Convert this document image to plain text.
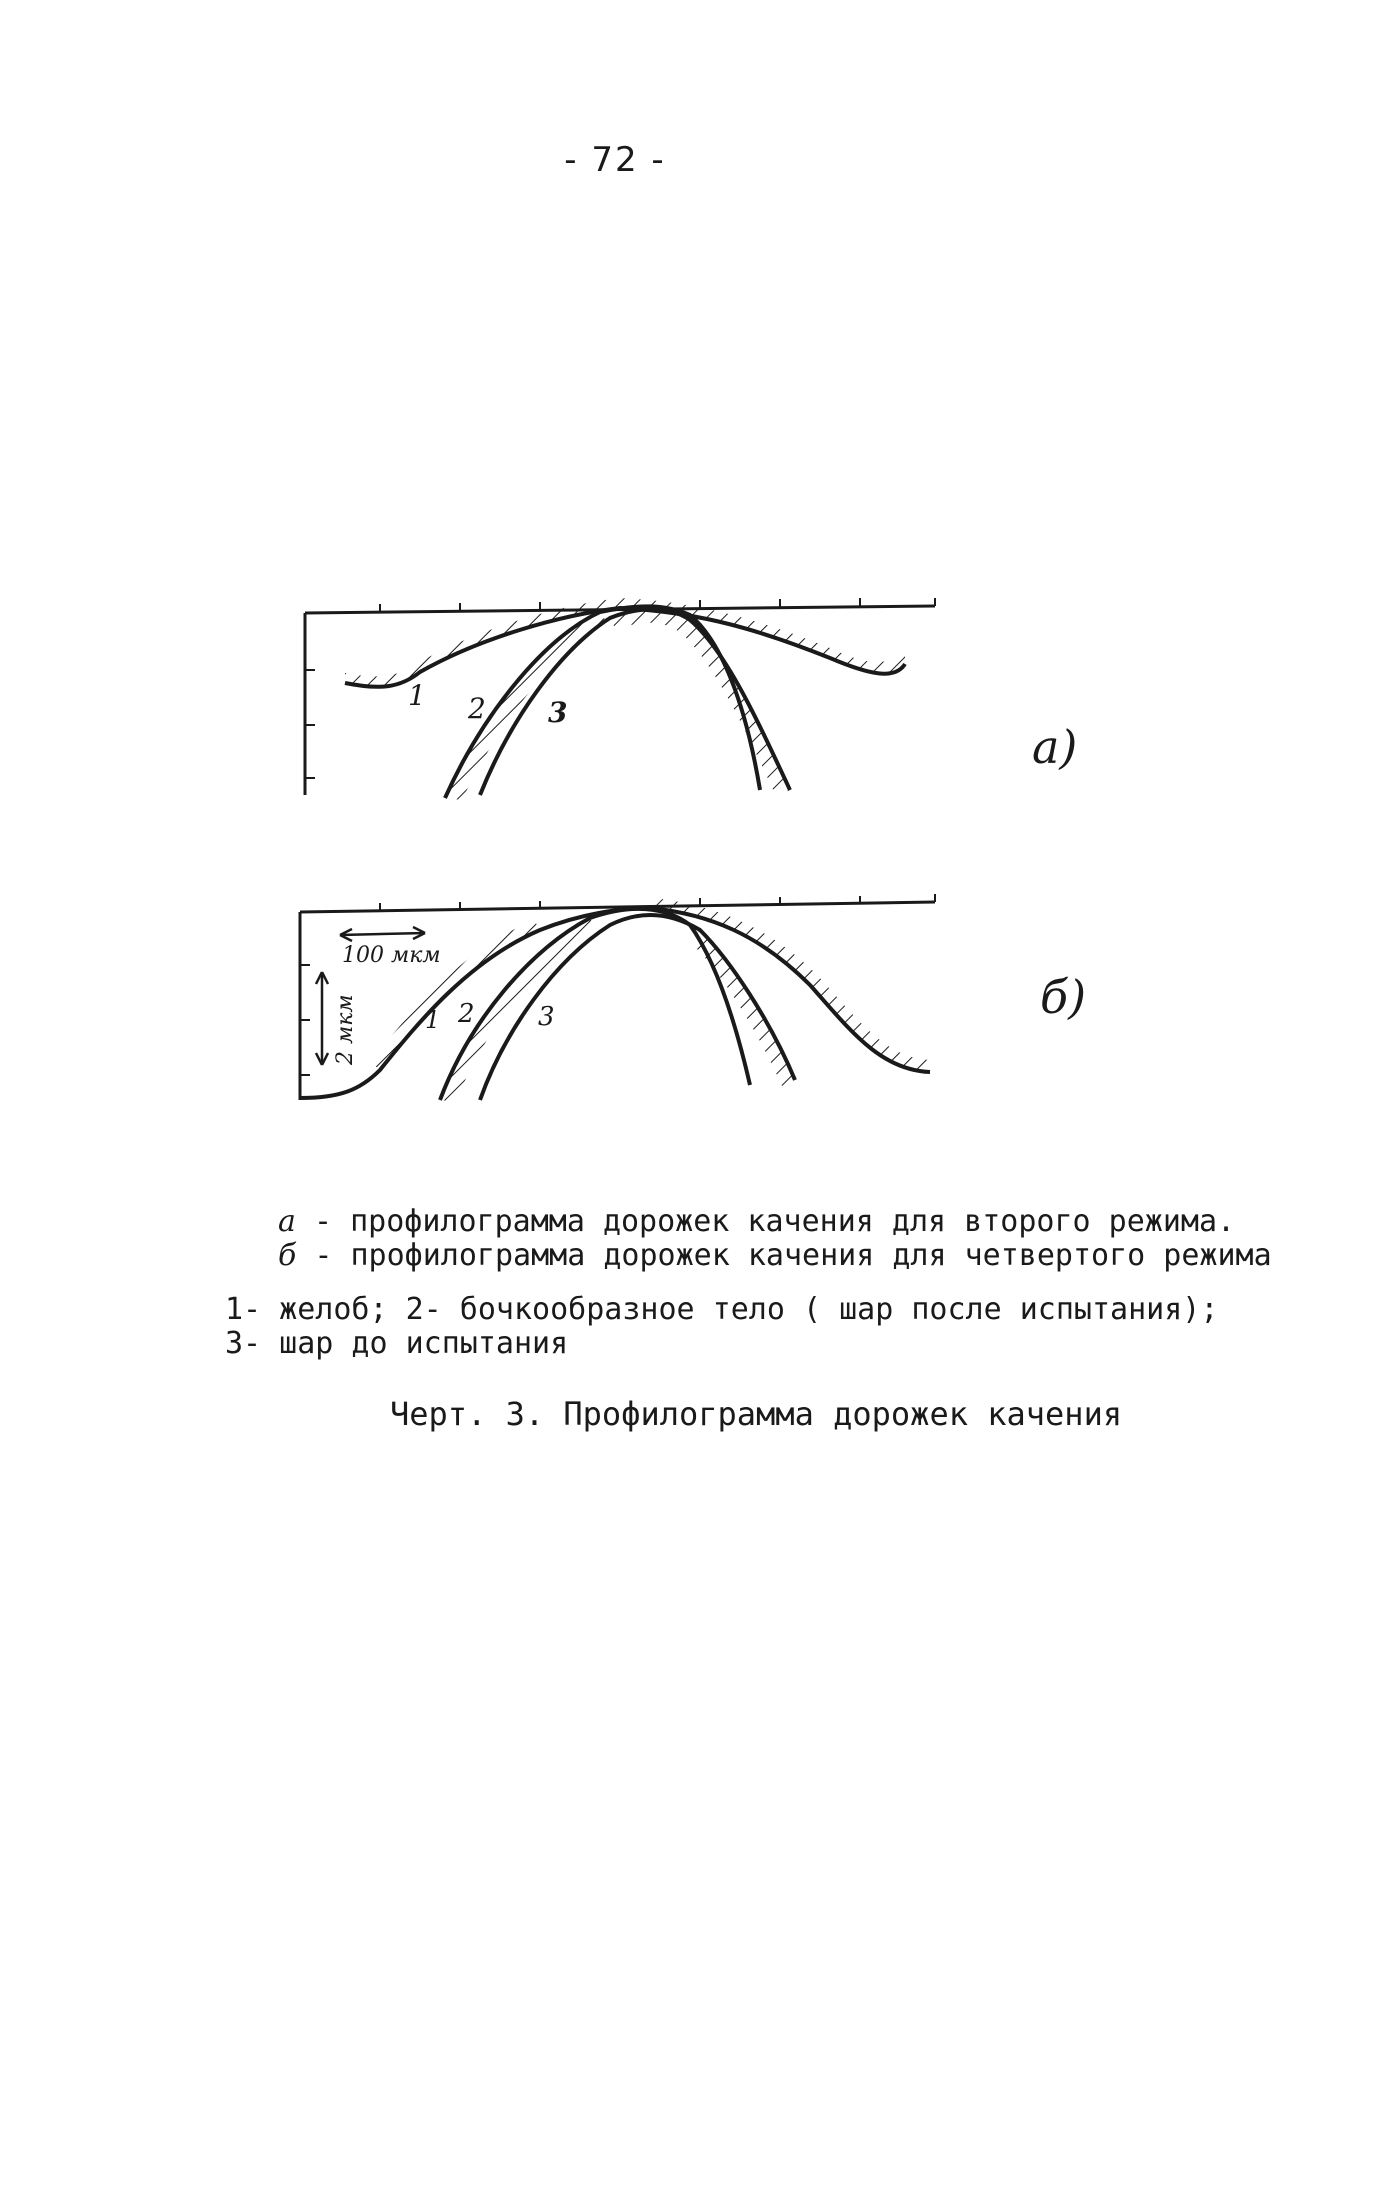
- 72 -
1 2 3
100 мкм
2 мкм	1 2 3
a)
б)
a - профилограмма дорожек качения для второго режима.
б - профилограмма дорожек качения для четвертого режима
1- желоб; 2- бочкообразное тело ( шар после испытания);
3- шар до испытания
Черт. 3. Профилограмма дорожек качения
